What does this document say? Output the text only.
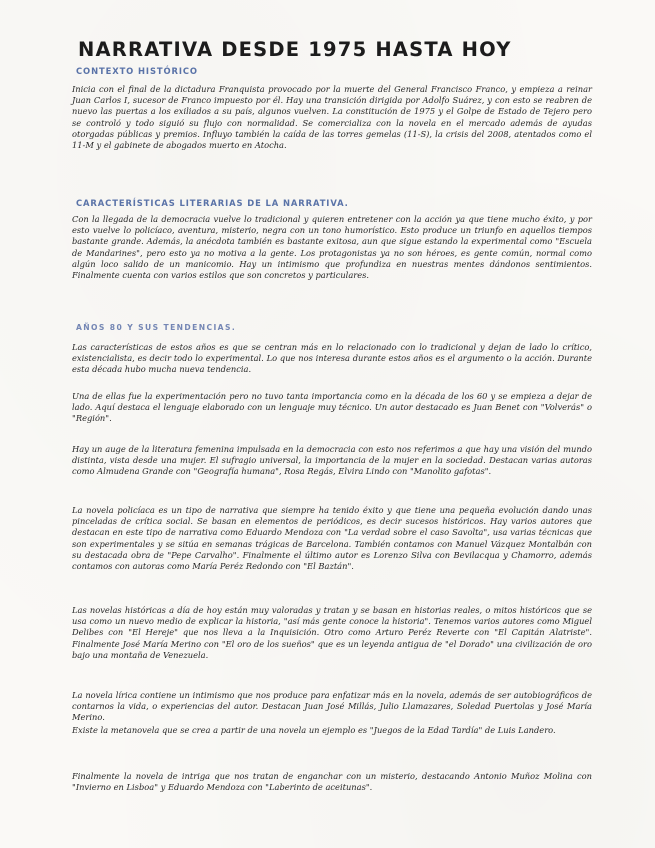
NARRATIVA DESDE 1975 HASTA HOY
CONTEXTO HISTÓRICO

Inicia con el final de la dictadura Franquista provocado por la muerte del General Francisco Franco, y empieza a reinar Juan Carlos I, sucesor de Franco impuesto por él. Hay una transición dirigida por Adolfo Suárez, y con esto se reabren de nuevo las puertas a los exiliados a su país, algunos vuelven. La constitución de 1975 y el Golpe de Estado de Tejero pero se controló y todo siguió su flujo con normalidad. Se comercializa con la novela en el mercado además de ayudas otorgadas públicas y premios. Influyo también la caída de las torres gemelas (11-S), la crisis del 2008, atentados como el 11-M y el gabinete de abogados muerto en Atocha.

CARACTERÍSTICAS LITERARIAS DE LA NARRATIVA.

Con la llegada de la democracia vuelve lo tradicional y quieren entretener con la acción ya que tiene mucho éxito, y por esto vuelve lo policíaco, aventura, misterio, negra con un tono humorístico. Esto produce un triunfo en aquellos tiempos bastante grande. Además, la anécdota también es bastante exitosa, aun que sigue estando la experimental como "Escuela de Mandarines", pero esto ya no motiva a la gente. Los protagonistas ya no son héroes, es gente común, normal como algún loco salido de un manicomio. Hay un intimismo que profundiza en nuestras mentes dándonos sentimientos. Finalmente cuenta con varios estilos que son concretos y particulares.

AÑOS 80 Y SUS TENDENCIAS.

Las características de estos años es que se centran más en lo relacionado con lo tradicional y dejan de lado lo crítico, existencialista, es decir todo lo experimental. Lo que nos interesa durante estos años es el argumento o la acción. Durante esta década hubo mucha nueva tendencia.

Una de ellas fue la experimentación pero no tuvo tanta importancia como en la década de los 60 y se empieza a dejar de lado. Aquí destaca el lenguaje elaborado con un lenguaje muy técnico. Un autor destacado es Juan Benet con "Volverás" o "Región".

Hay un auge de la literatura femenina impulsada en la democracia con esto nos referimos a que hay una visión del mundo distinta, vista desde una mujer. El sufragio universal, la importancia de la mujer en la sociedad. Destacan varias autoras como Almudena Grande con "Geografía humana", Rosa Regás, Elvira Lindo con "Manolito gafotas".

La novela policíaca es un tipo de narrativa que siempre ha tenido éxito y que tiene una pequeña evolución dando unas pinceladas de crítica social. Se basan en elementos de periódicos, es decir sucesos históricos. Hay varios autores que destacan en este tipo de narrativa como Eduardo Mendoza con "La verdad sobre el caso Savolta", usa varias técnicas que son experimentales y se sitúa en semanas trágicas de Barcelona. También contamos con Manuel Vázquez Montalbán con su destacada obra de "Pepe Carvalho". Finalmente el último autor es Lorenzo Silva con Bevilacqua y Chamorro, además contamos con autoras como María Peréz Redondo con "El Baztán".

Las novelas históricas a día de hoy están muy valoradas y tratan y se basan en historias reales, o mitos históricos que se usa como un nuevo medio de explicar la historia, "así más gente conoce la historia". Tenemos varios autores como Miguel Delibes con "El Hereje" que nos lleva a la Inquisición. Otro como Arturo Peréz Reverte con "El Capitán Alatriste". Finalmente José María Merino con "El oro de los sueños" que es un leyenda antigua de "el Dorado" una civilización de oro bajo una montaña de Venezuela.

La novela lírica contiene un intimismo que nos produce para enfatizar más en la novela, además de ser autobiográficos de contarnos la vida, o experiencias del autor. Destacan Juan José Millás, Julio Llamazares, Soledad Puertolas y José María Merino.

Existe la metanovela que se crea a partir de una novela un ejemplo es "Juegos de la Edad Tardía" de Luis Landero.

Finalmente la novela de intriga que nos tratan de enganchar con un misterio, destacando Antonio Muñoz Molina con "Invierno en Lisboa" y Eduardo Mendoza con "Laberinto de aceitunas".
